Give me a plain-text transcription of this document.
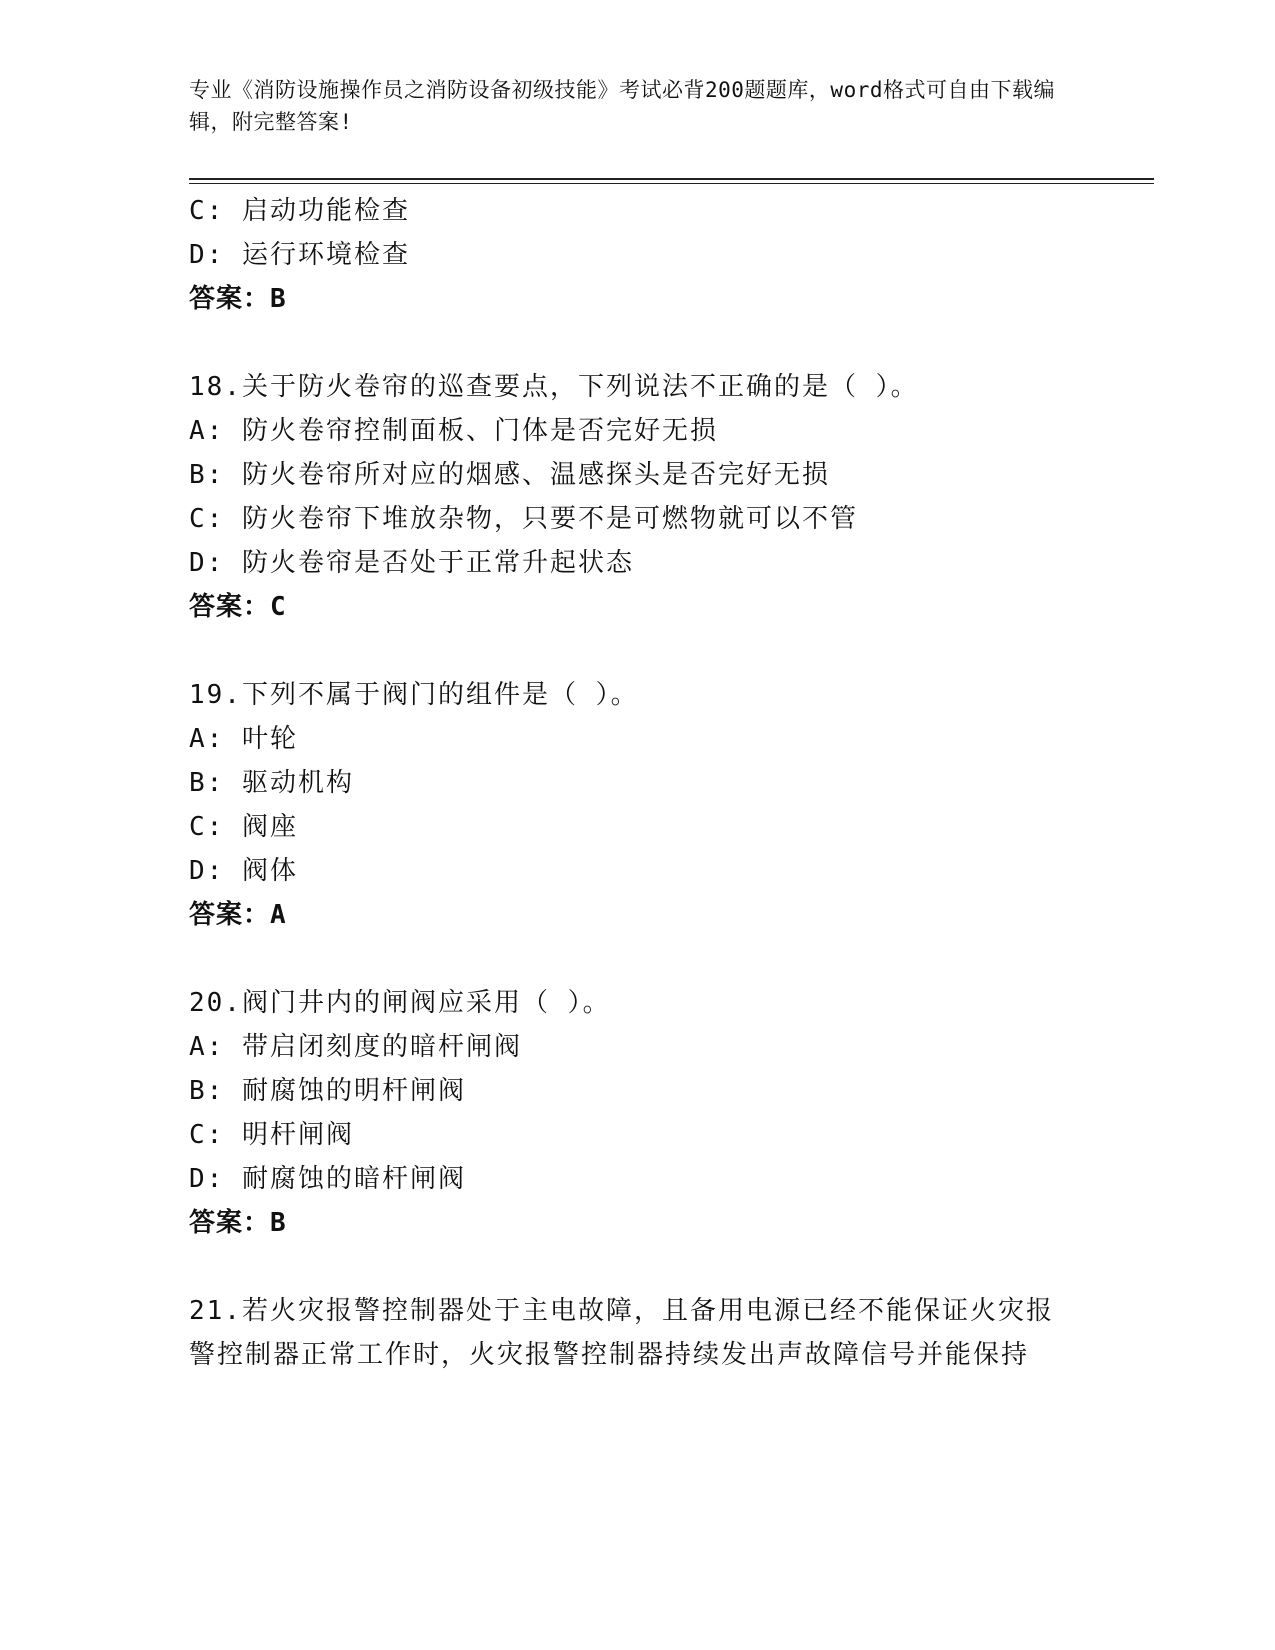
专业《消防设施操作员之消防设备初级技能》考试必背200题题库，word格式可自由下载编辑，附完整答案!
C: 启动功能检查
D: 运行环境检查
答案：B
18.关于防火卷帘的巡查要点，下列说法不正确的是（ ）。
A: 防火卷帘控制面板、门体是否完好无损
B: 防火卷帘所对应的烟感、温感探头是否完好无损
C: 防火卷帘下堆放杂物，只要不是可燃物就可以不管
D: 防火卷帘是否处于正常升起状态
答案：C
19.下列不属于阀门的组件是（ ）。
A: 叶轮
B: 驱动机构
C: 阀座
D: 阀体
答案：A
20.阀门井内的闸阀应采用（ ）。
A: 带启闭刻度的暗杆闸阀
B: 耐腐蚀的明杆闸阀
C: 明杆闸阀
D: 耐腐蚀的暗杆闸阀
答案：B
21.若火灾报警控制器处于主电故障，且备用电源已经不能保证火灾报
警控制器正常工作时，火灾报警控制器持续发出声故障信号并能保持
